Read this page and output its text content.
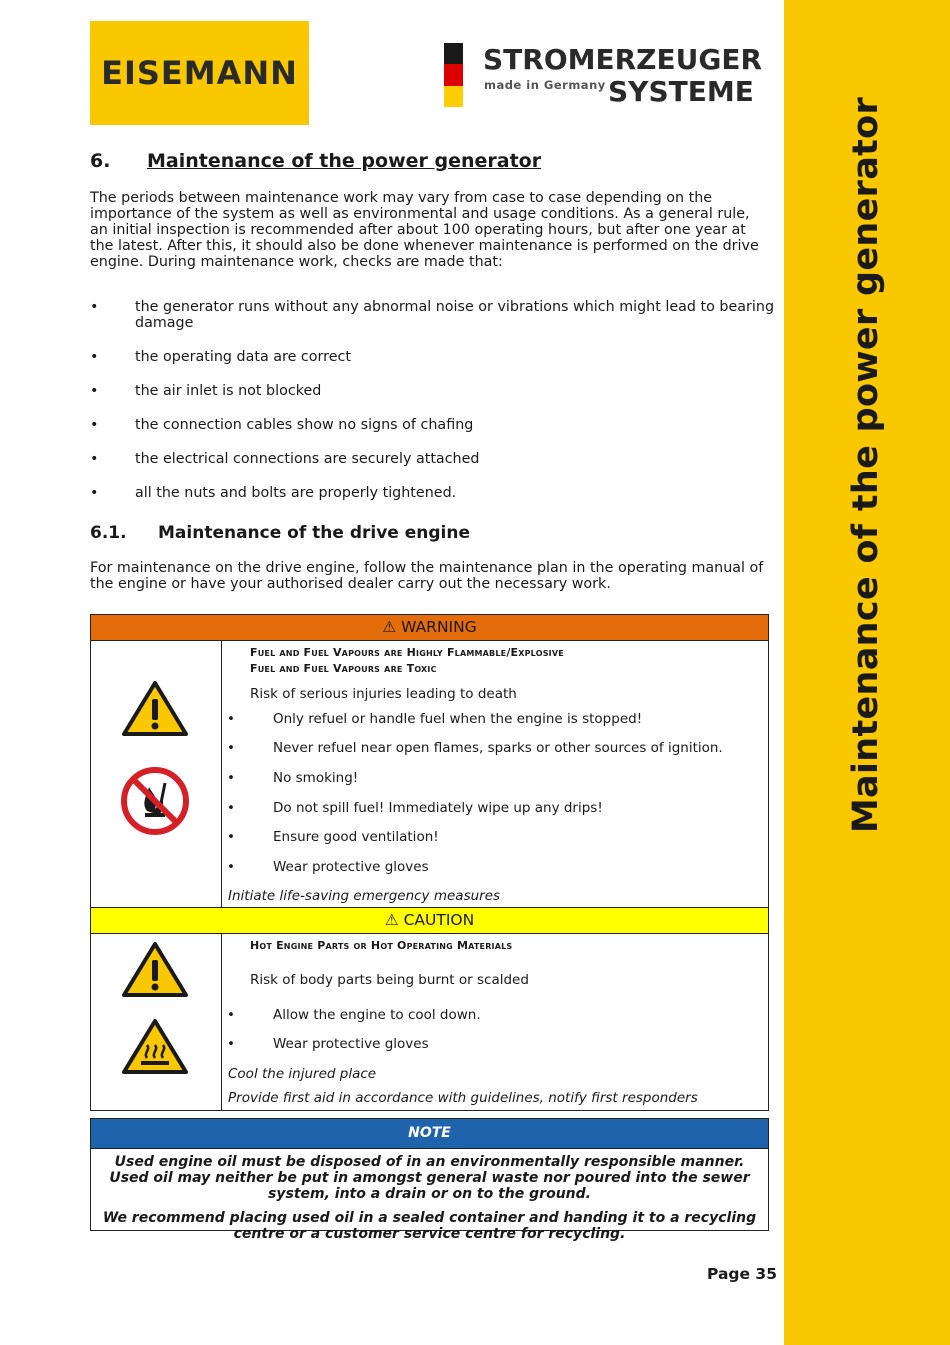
Maintenance of the power generator
EISEMANN	STROMERZEUGER
made in Germany SYSTEME
6. Maintenance of the power generator
The periods between maintenance work may vary from case to case depending on the importance of the system as well as environmental and usage conditions. As a general rule, an initial inspection is recommended after about 100 operating hours, but after one year at the latest. After this, it should also be done whenever maintenance is performed on the drive engine. During maintenance work, checks are made that:
• the generator runs without any abnormal noise or vibrations which might lead to bearing damage
• the operating data are correct
• the air inlet is not blocked
• the connection cables show no signs of chafing
• the electrical connections are securely attached
• all the nuts and bolts are properly tightened.
6.1. Maintenance of the drive engine
For maintenance on the drive engine, follow the maintenance plan in the operating manual of the engine or have your authorised dealer carry out the necessary work.
⚠ WARNING
Fuel and Fuel Vapours are Highly Flammable/Explosive
Fuel and Fuel Vapours are Toxic
Risk of serious injuries leading to death
•	Only refuel or handle fuel when the engine is stopped!
•	Never refuel near open flames, sparks or other sources of ignition.
•	No smoking!
•	Do not spill fuel! Immediately wipe up any drips!
•	Ensure good ventilation!
•	Wear protective gloves
Initiate life-saving emergency measures
⚠ CAUTION
Hot Engine Parts or Hot Operating Materials
Risk of body parts being burnt or scalded
•	Allow the engine to cool down.
•	Wear protective gloves
Cool the injured place
Provide first aid in accordance with guidelines, notify first responders
NOTE

Used engine oil must be disposed of in an environmentally responsible manner. Used oil may neither be put in amongst general waste nor poured into the sewer system, into a drain or on to the ground.

We recommend placing used oil in a sealed container and handing it to a recycling centre or a customer service centre for recycling.

Page 35
